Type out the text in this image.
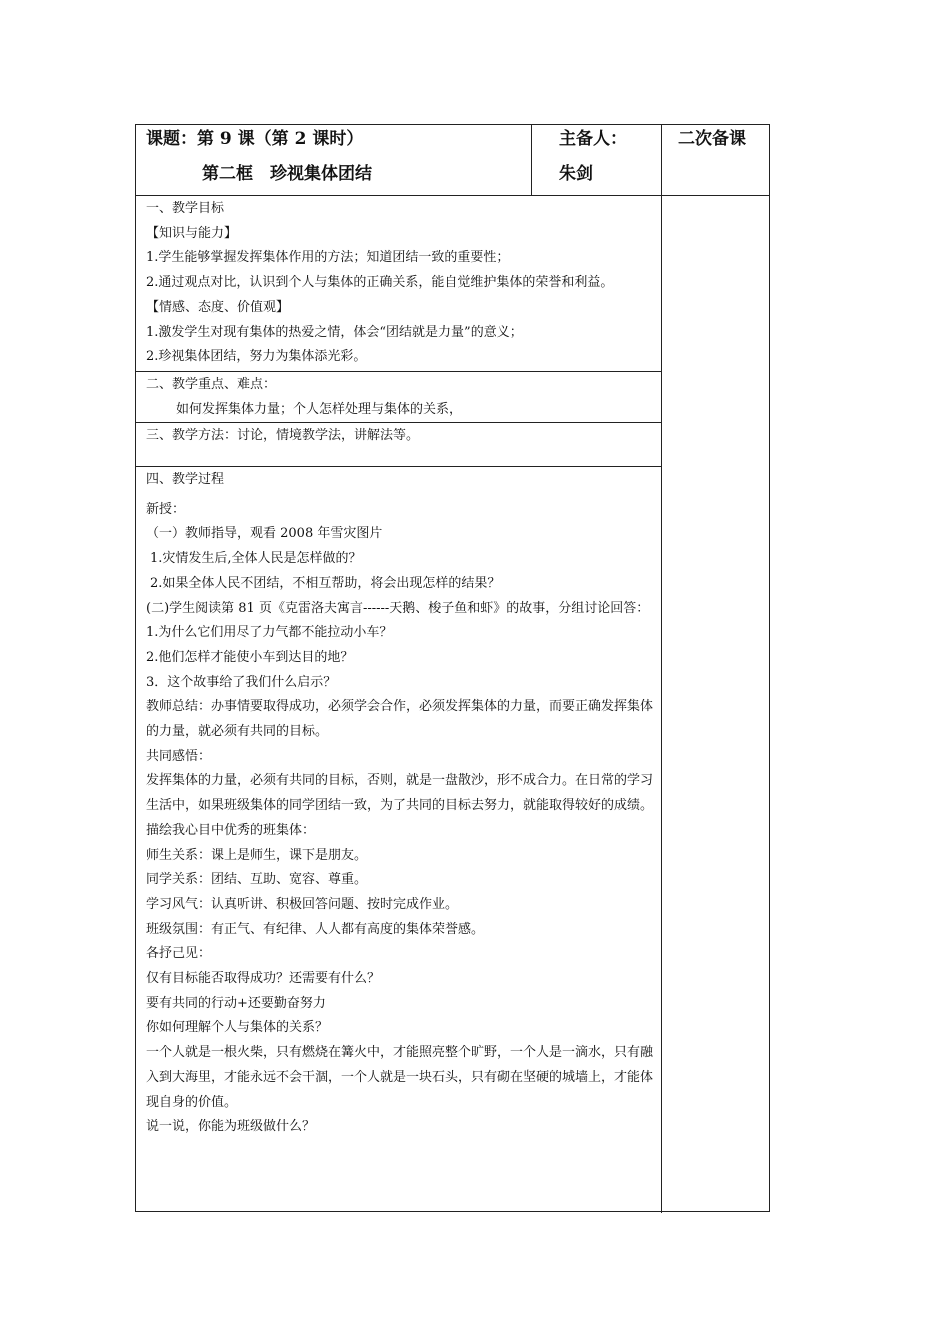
课题：第 9 课（第 2 课时）
第二框　珍视集体团结
主备人：
朱剑
二次备课

一、教学目标

【知识与能力】

1.学生能够掌握发挥集体作用的方法；知道团结一致的重要性；

2.通过观点对比，认识到个人与集体的正确关系，能自觉维护集体的荣誉和利益。

【情感、态度、价值观】

1.激发学生对现有集体的热爱之情，体会“团结就是力量”的意义；

2.珍视集体团结，努力为集体添光彩。

二、教学重点、难点：

如何发挥集体力量；个人怎样处理与集体的关系，

三、教学方法：讨论，情境教学法，讲解法等。

四、教学过程

新授：

（一）教师指导，观看 2008 年雪灾图片

1.灾情发生后,全体人民是怎样做的？

2.如果全体人民不团结，不相互帮助，将会出现怎样的结果？

(二)学生阅读第 81 页《克雷洛夫寓言------天鹅、梭子鱼和虾》的故事，分组讨论回答：

1.为什么它们用尽了力气都不能拉动小车？

2.他们怎样才能使小车到达目的地？

3．这个故事给了我们什么启示？

教师总结：办事情要取得成功，必须学会合作，必须发挥集体的力量，而要正确发挥集体的力量，就必须有共同的目标。

共同感悟：

发挥集体的力量，必须有共同的目标，否则，就是一盘散沙，形不成合力。在日常的学习生活中，如果班级集体的同学团结一致，为了共同的目标去努力，就能取得较好的成绩。

描绘我心目中优秀的班集体：

师生关系：课上是师生，课下是朋友。

同学关系：团结、互助、宽容、尊重。

学习风气：认真听讲、积极回答问题、按时完成作业。

班级氛围：有正气、有纪律、人人都有高度的集体荣誉感。

各抒己见：

仅有目标能否取得成功？还需要有什么？

要有共同的行动+还要勤奋努力

你如何理解个人与集体的关系？

一个人就是一根火柴，只有燃烧在篝火中，才能照亮整个旷野，一个人是一滴水，只有融入到大海里，才能永远不会干涸，一个人就是一块石头，只有砌在坚硬的城墙上，才能体现自身的价值。

说一说，你能为班级做什么？
